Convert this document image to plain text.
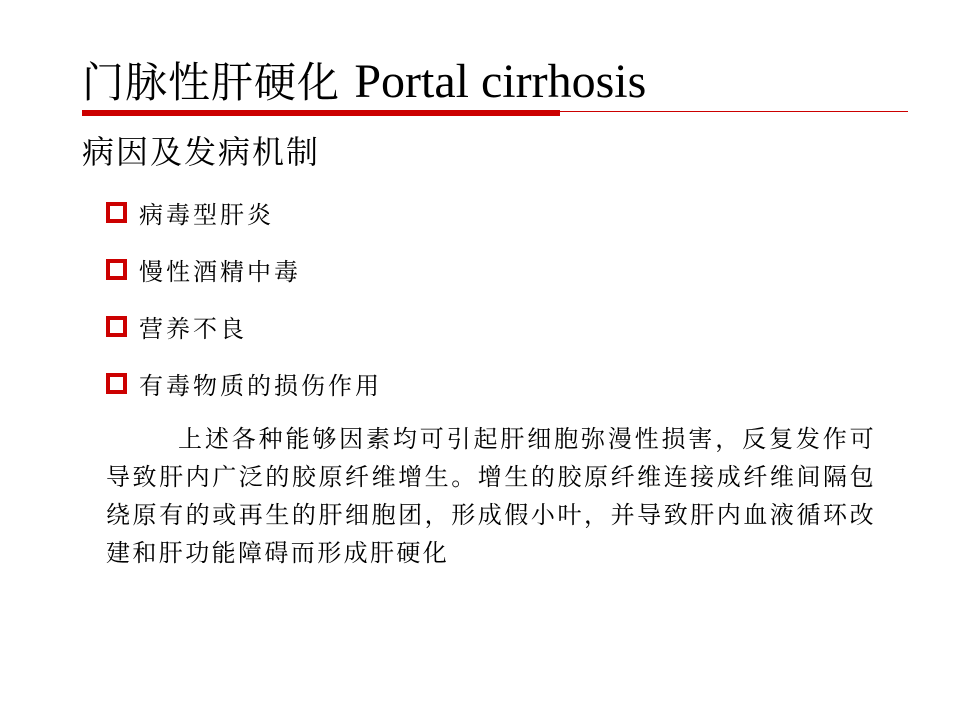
门脉性肝硬化 Portal cirrhosis
病因及发病机制
病毒型肝炎
慢性酒精中毒
营养不良
有毒物质的损伤作用
上述各种能够因素均可引起肝细胞弥漫性损害，反复发作可导致肝内广泛的胶原纤维增生。增生的胶原纤维连接成纤维间隔包绕原有的或再生的肝细胞团，形成假小叶，并导致肝内血液循环改建和肝功能障碍而形成肝硬化
